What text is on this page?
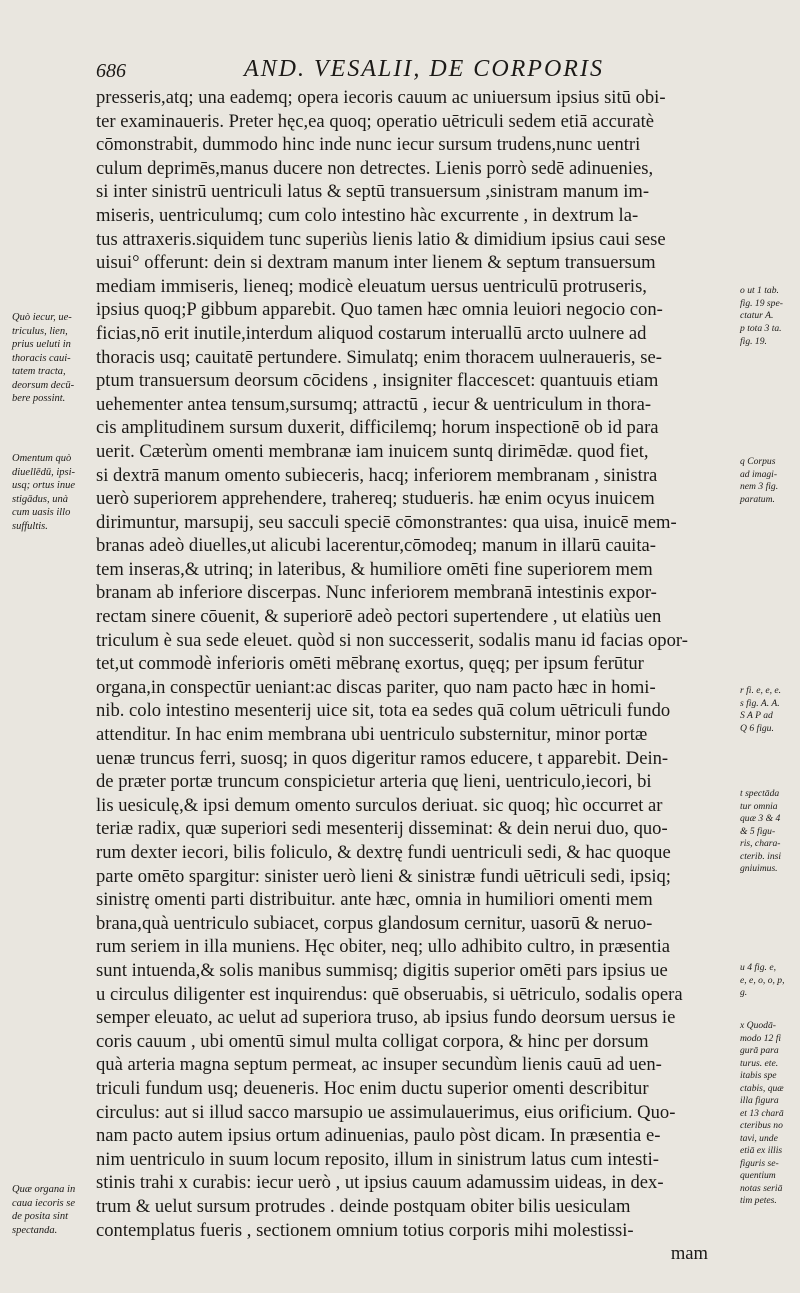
686	AND. VESALII, DE CORPORIS
presseris,atq; una eademq; opera iecoris cauum ac uniuersum ipsius sitū obi-
ter examinaueris. Preter hęc,ea quoq; operatio uētriculi sedem etiā accuratè
cōmonstrabit, dummodo hinc inde nunc iecur sursum trudens,nunc uentri
culum deprimēs,manus ducere non detrectes. Lienis porrò sedē adinuenies,
si inter sinistrū uentriculi latus & septū transuersum ,sinistram manum im-
miseris, uentriculumq; cum colo intestino hàc excurrente , in dextrum la-
tus attraxeris.siquidem tunc superiùs lienis latio & dimidium ipsius caui sese
uisui° offerunt: dein si dextram manum inter lienem & septum transuersum
mediam immiseris, lieneq; modicè eleuatum uersus uentriculū protruseris,
ipsius quoq;P gibbum apparebit. Quo tamen hæc omnia leuiori negocio con-
ficias,nō erit inutile,interdum aliquod costarum interuallū arcto uulnere ad
thoracis usq; cauitatē pertundere. Simulatq; enim thoracem uulneraueris, se-
ptum transuersum deorsum cōcidens , insigniter flaccescet: quantuuis etiam
uehementer antea tensum,sursumq; attractū , iecur & uentriculum in thora-
cis amplitudinem sursum duxerit, difficilemq; horum inspectionē ob id para
uerit. Cæterùm omenti membranæ iam inuicem suntq dirimēdæ. quod fiet,
si dextrā manum omento subieceris, hacq; inferiorem membranam , sinistra
uerò superiorem apprehendere, trahereq; studueris. hæ enim ocyus inuicem
dirimuntur, marsupij, seu sacculi speciē cōmonstrantes: qua uisa, inuicē mem-
branas adeò diuelles,ut alicubi lacerentur,cōmodeq; manum in illarū cauita-
tem inseras,& utrinq; in lateribus, & humiliore omēti fine superiorem mem
branam ab inferiore discerpas. Nunc inferiorem membranā intestinis expor-
rectam sinere cōuenit, & superiorē adeò pectori supertendere , ut elatiùs uen
triculum è sua sede eleuet. quòd si non successerit, sodalis manu id facias opor-
tet,ut commodè inferioris omēti mēbranę exortus, quęq; per ipsum ferūtur
organa,in conspectūr ueniant:ac discas pariter, quo nam pacto hæc in homi-
nib. colo intestino mesenterij uice sit, tota ea sedes quā colum uētriculi fundo
attenditur. In hac enim membrana ubi uentriculo substernitur, minor portæ
uenæ truncus ferri, suosq; in quos digeritur ramos educere, t apparebit. Dein-
de præter portæ truncum conspicietur arteria quę lieni, uentriculo,iecori, bi
lis uesiculę,& ipsi demum omento surculos deriuat. sic quoq; hìc occurret ar
teriæ radix, quæ superiori sedi mesenterij disseminat: & dein nerui duo, quo-
rum dexter iecori, bilis foliculo, & dextrę fundi uentriculi sedi, & hac quoque
parte omēto spargitur: sinister uerò lieni & sinistræ fundi uētriculi sedi, ipsiq;
sinistrę omenti parti distribuitur. ante hæc, omnia in humiliori omenti mem
brana,quà uentriculo subiacet, corpus glandosum cernitur, uasorū & neruo-
rum seriem in illa muniens. Hęc obiter, neq; ullo adhibito cultro, in præsentia
sunt intuenda,& solis manibus summisq; digitis superior omēti pars ipsius ue
u circulus diligenter est inquirendus: quē obseruabis, si uētriculo, sodalis opera
semper eleuato, ac uelut ad superiora truso, ab ipsius fundo deorsum uersus ie
coris cauum , ubi omentū simul multa colligat corpora, & hinc per dorsum
quà arteria magna septum permeat, ac insuper secundùm lienis cauū ad uen-
triculi fundum usq; deueneris. Hoc enim ductu superior omenti describitur
circulus: aut si illud sacco marsupio ue assimulauerimus, eius orificium. Quo-
nam pacto autem ipsius ortum adinuenias, paulo pòst dicam. In præsentia e-
nim uentriculo in suum locum reposito, illum in sinistrum latus cum intesti-
stinis trahi x curabis: iecur uerò , ut ipsius cauum adamussim uideas, in dex-
trum & uelut sursum protrudes . deinde postquam obiter bilis uesiculam
contemplatus fueris , sectionem omnium totius corporis mihi molestissi-
mam
Quò iecur, ue-
triculus, lien,
prius ueluti in
thoracis caui-
tatem tracta,
deorsum decū-
bere possint.
Omentum quò
diuellēdū, ipsi-
usq; ortus inue
stigādus, unà
cum uasis illo
suffultis.
Quæ organa in
caua iecoris se
de posita sint
spectanda.
o ut 1 tab.
fig. 19 spe-
ctatur A.
p tota 3 ta.
fig. 19.
q Corpus
ad imagi-
nem 3 fig.
paratum.
r fi. e, e, e.
s fig. A. A.
S A P ad
Q 6 figu.
t spectāda
tur omnia
quæ 3 & 4
& 5 figu-
ris, chara-
cterib. insi
gniuimus.
u 4 fig. e,
e, e, o, o, p,
g.
x Quodā-
modo 12 fi
gurā para
turus. ete.
itabis spe
ctabis, quæ
illa figura
et 13 charā
cteribus no
tavi, unde
etiā ex illis
figuris se-
quentium
notas seriā
tim petes.
